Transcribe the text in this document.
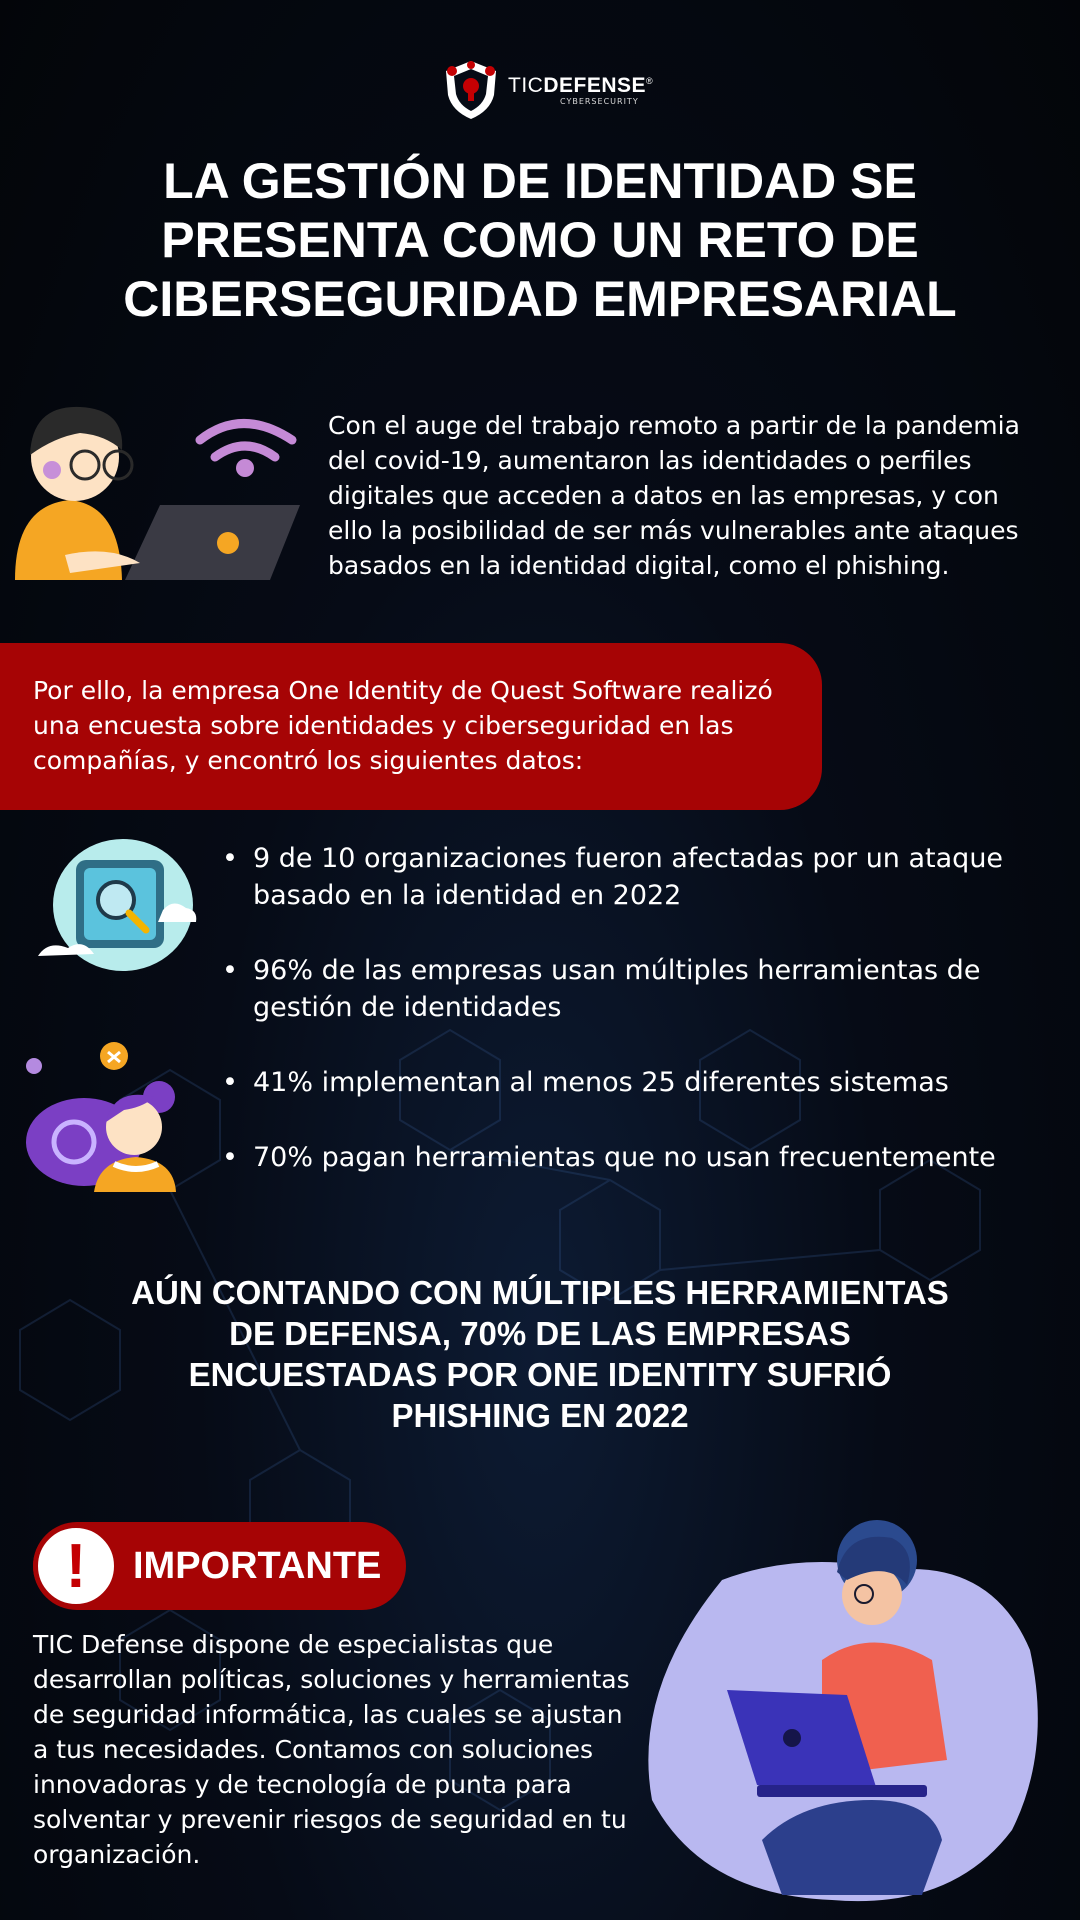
TICDEFENSE®
CYBERSECURITY
LA GESTIÓN DE IDENTIDAD SE PRESENTA COMO UN RETO DE CIBERSEGURIDAD EMPRESARIAL

Con el auge del trabajo remoto a partir de la pandemia del covid-19, aumentaron las identidades o perfiles digitales que acceden a datos en las empresas, y con ello la posibilidad de ser más vulnerables ante ataques basados en la identidad digital, como el phishing.

Por ello, la empresa One Identity de Quest Software realizó una encuesta sobre identidades y ciberseguridad en las compañías, y encontró los siguientes datos:

• 9 de 10 organizaciones fueron afectadas por un ataque basado en la identidad en 2022
• 96% de las empresas usan múltiples herramientas de gestión de identidades
• 41% implementan al menos 25 diferentes sistemas
• 70% pagan herramientas que no usan frecuentemente
AÚN CONTANDO CON MÚLTIPLES HERRAMIENTAS DE DEFENSA, 70% DE LAS EMPRESAS ENCUESTADAS POR ONE IDENTITY SUFRIÓ PHISHING EN 2022
!	IMPORTANTE

TIC Defense dispone de especialistas que desarrollan políticas, soluciones y herramientas de seguridad informática, las cuales se ajustan a tus necesidades. Contamos con soluciones innovadoras y de tecnología de punta para solventar y prevenir riesgos de seguridad en tu organización.
